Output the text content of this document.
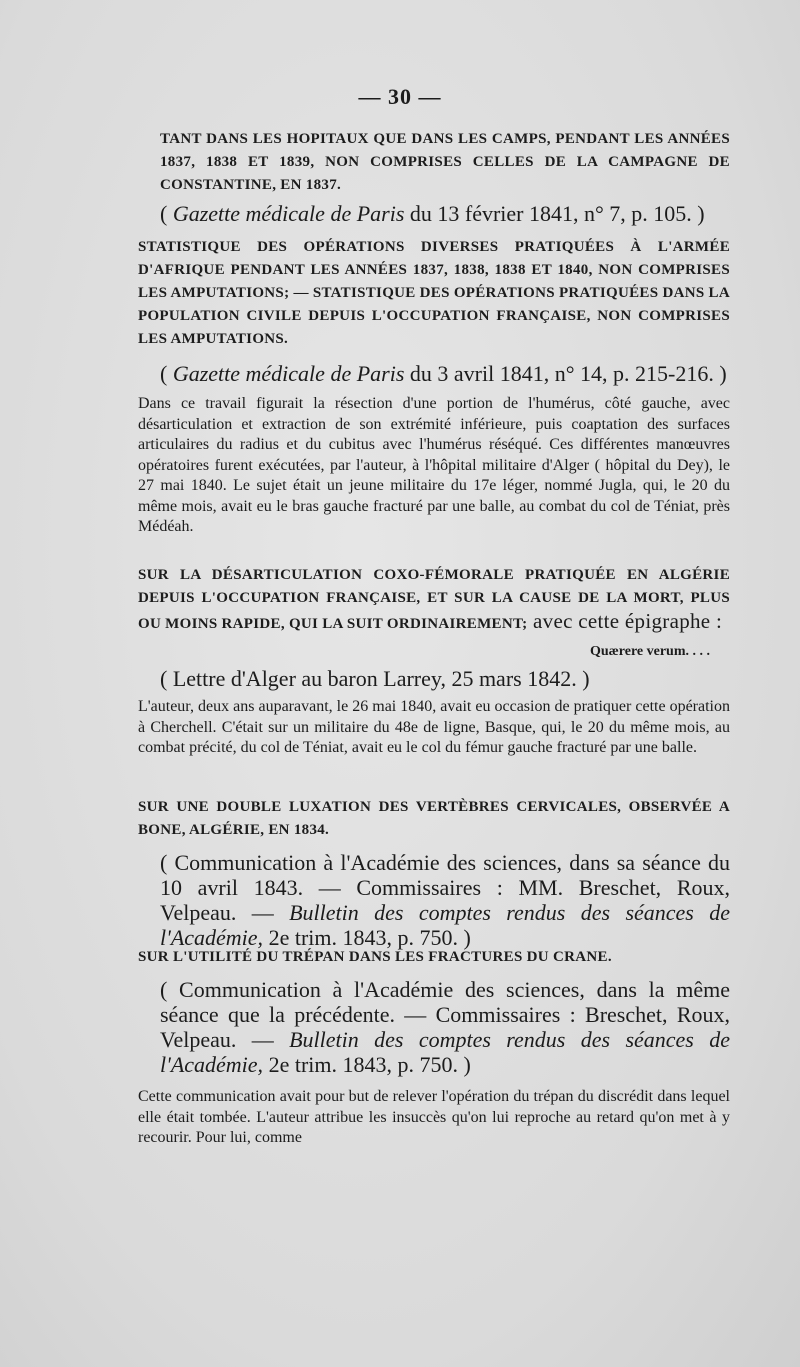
— 30 —
TANT DANS LES HOPITAUX QUE DANS LES CAMPS, PENDANT LES ANNÉES 1837, 1838 ET 1839, NON COMPRISES CELLES DE LA CAMPAGNE DE CONSTANTINE, EN 1837.
( Gazette médicale de Paris du 13 février 1841, n° 7, p. 105. )
STATISTIQUE DES OPÉRATIONS DIVERSES PRATIQUÉES À L'ARMÉE D'AFRIQUE PENDANT LES ANNÉES 1837, 1838, 1838 ET 1840, NON COMPRISES LES AMPUTATIONS; — STATISTIQUE DES OPÉRATIONS PRATIQUÉES DANS LA POPULATION CIVILE DEPUIS L'OCCUPATION FRANÇAISE, NON COMPRISES LES AMPUTATIONS.
( Gazette médicale de Paris du 3 avril 1841, n° 14, p. 215-216. )
Dans ce travail figurait la résection d'une portion de l'humérus, côté gauche, avec désarticulation et extraction de son extrémité inférieure, puis coaptation des surfaces articulaires du radius et du cubitus avec l'humérus réséqué. Ces différentes manœuvres opératoires furent exécutées, par l'auteur, à l'hôpital militaire d'Alger ( hôpital du Dey), le 27 mai 1840. Le sujet était un jeune militaire du 17e léger, nommé Jugla, qui, le 20 du même mois, avait eu le bras gauche fracturé par une balle, au combat du col de Téniat, près Médéah.
SUR LA DÉSARTICULATION COXO-FÉMORALE PRATIQUÉE EN ALGÉRIE DEPUIS L'OCCUPATION FRANÇAISE, ET SUR LA CAUSE DE LA MORT, PLUS OU MOINS RAPIDE, QUI LA SUIT ORDINAIREMENT; avec cette épigraphe :
Quærere verum. . . .
( Lettre d'Alger au baron Larrey, 25 mars 1842. )
L'auteur, deux ans auparavant, le 26 mai 1840, avait eu occasion de pratiquer cette opération à Cherchell. C'était sur un militaire du 48e de ligne, Basque, qui, le 20 du même mois, au combat précité, du col de Téniat, avait eu le col du fémur gauche fracturé par une balle.
SUR UNE DOUBLE LUXATION DES VERTÈBRES CERVICALES, OBSERVÉE A BONE, ALGÉRIE, EN 1834.
( Communication à l'Académie des sciences, dans sa séance du 10 avril 1843. — Commissaires : MM. Breschet, Roux, Velpeau. — Bulletin des comptes rendus des séances de l'Académie, 2e trim. 1843, p. 750. )
SUR L'UTILITÉ DU TRÉPAN DANS LES FRACTURES DU CRANE.
( Communication à l'Académie des sciences, dans la même séance que la précédente. — Commissaires : Breschet, Roux, Velpeau. — Bulletin des comptes rendus des séances de l'Académie, 2e trim. 1843, p. 750. )
Cette communication avait pour but de relever l'opération du trépan du discrédit dans lequel elle était tombée. L'auteur attribue les insuccès qu'on lui reproche au retard qu'on met à y recourir. Pour lui, comme
